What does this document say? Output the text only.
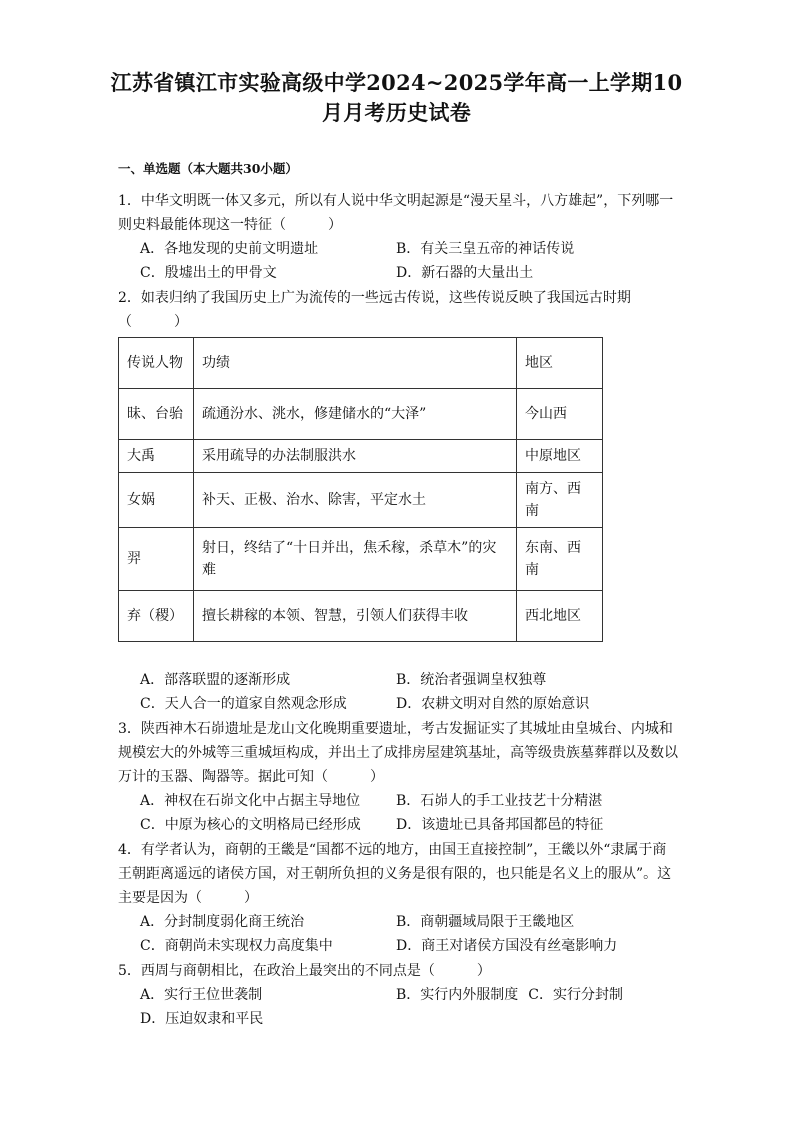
江苏省镇江市实验高级中学2024~2025学年高一上学期10
月月考历史试卷
一、单选题（本大题共30小题）
1．中华文明既一体又多元，所以有人说中华文明起源是“漫天星斗，八方雄起”，下列哪一则史料最能体现这一特征（　　　）
A．各地发现的史前文明遗址	B．有关三皇五帝的神话传说
C．殷墟出土的甲骨文	D．新石器的大量出土
2．如表归纳了我国历史上广为流传的一些远古传说，这些传说反映了我国远古时期（　　　）
传说人物	功绩	地区
昧、台骀	疏通汾水、洮水，修建储水的“大泽”	今山西
大禹	采用疏导的办法制服洪水	中原地区
女娲	补天、正极、治水、除害，平定水土	南方、西南
羿	射日，终结了“十日并出，焦禾稼，杀草木”的灾难	东南、西南
弃（稷）	擅长耕稼的本领、智慧，引领人们获得丰收	西北地区
A．部落联盟的逐渐形成	B．统治者强调皇权独尊
C．天人合一的道家自然观念形成	D．农耕文明对自然的原始意识
3．陕西神木石峁遗址是龙山文化晚期重要遗址，考古发掘证实了其城址由皇城台、内城和规模宏大的外城等三重城垣构成，并出土了成排房屋建筑基址，高等级贵族墓葬群以及数以万计的玉器、陶器等。据此可知（　　　）
A．神权在石峁文化中占据主导地位	B．石峁人的手工业技艺十分精湛
C．中原为核心的文明格局已经形成	D．该遗址已具备邦国都邑的特征
4．有学者认为，商朝的王畿是“国都不远的地方，由国王直接控制”，王畿以外“隶属于商王朝距离遥远的诸侯方国，对王朝所负担的义务是很有限的，也只能是名义上的服从”。这主要是因为（　　　）
A．分封制度弱化商王统治	B．商朝疆域局限于王畿地区
C．商朝尚未实现权力高度集中	D．商王对诸侯方国没有丝毫影响力
5．西周与商朝相比，在政治上最突出的不同点是（　　　）
A．实行王位世袭制	B．实行内外服制度 C．实行分封制
D．压迫奴隶和平民
